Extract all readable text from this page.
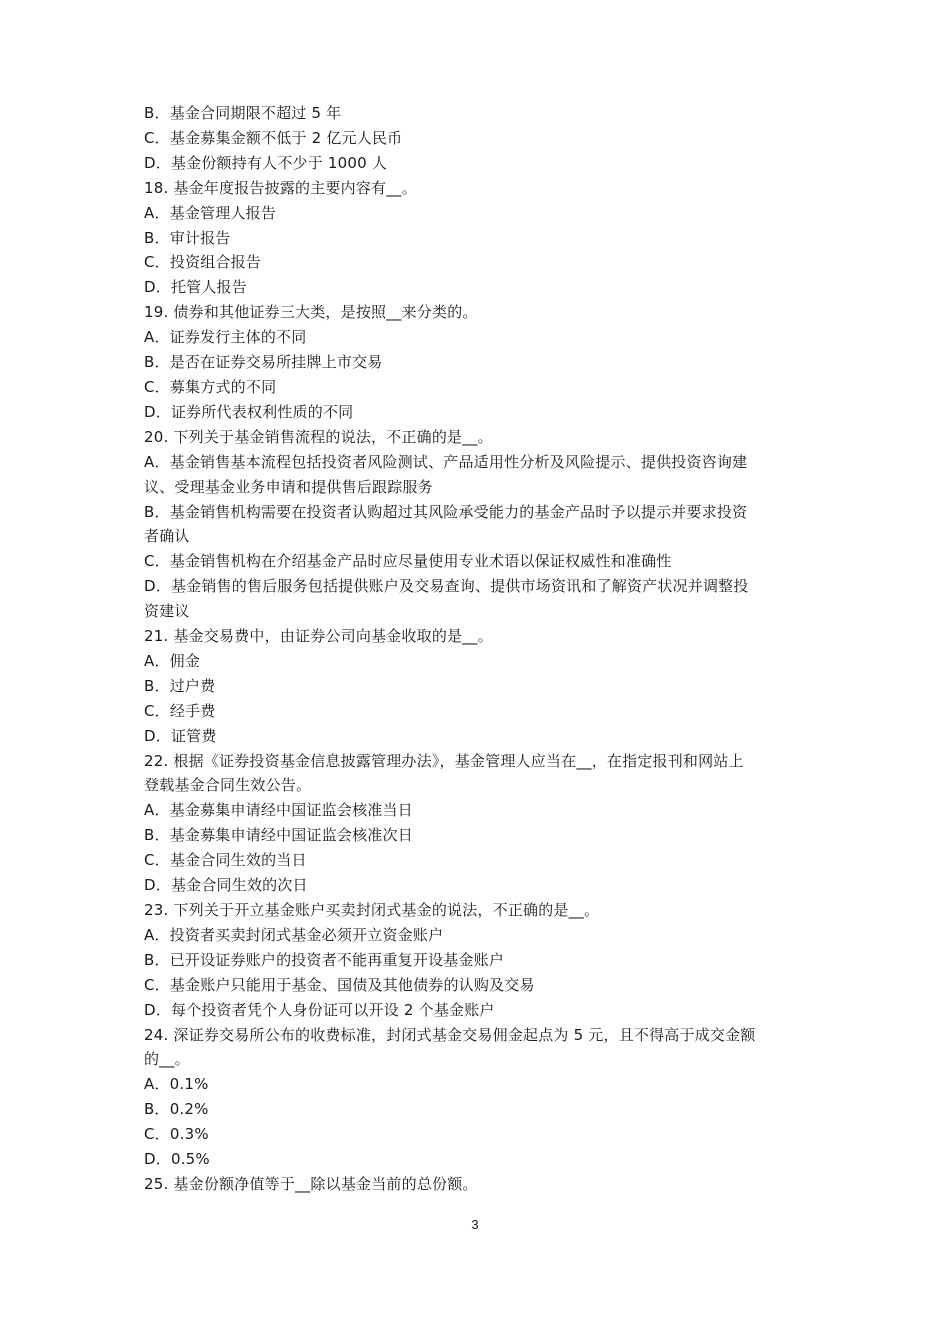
B．基金合同期限不超过 5 年
C．基金募集金额不低于 2 亿元人民币
D．基金份额持有人不少于 1000 人
18. 基金年度报告披露的主要内容有__。
A．基金管理人报告
B．审计报告
C．投资组合报告
D．托管人报告
19. 债券和其他证券三大类，是按照__来分类的。
A．证券发行主体的不同
B．是否在证券交易所挂牌上市交易
C．募集方式的不同
D．证券所代表权利性质的不同
20. 下列关于基金销售流程的说法，不正确的是__。
A．基金销售基本流程包括投资者风险测试、产品适用性分析及风险提示、提供投资咨询建
议、受理基金业务申请和提供售后跟踪服务
B．基金销售机构需要在投资者认购超过其风险承受能力的基金产品时予以提示并要求投资
者确认
C．基金销售机构在介绍基金产品时应尽量使用专业术语以保证权威性和准确性
D．基金销售的售后服务包括提供账户及交易查询、提供市场资讯和了解资产状况并调整投
资建议
21. 基金交易费中，由证券公司向基金收取的是__。
A．佣金
B．过户费
C．经手费
D．证管费
22. 根据《证券投资基金信息披露管理办法》，基金管理人应当在__，在指定报刊和网站上
登载基金合同生效公告。
A．基金募集申请经中国证监会核准当日
B．基金募集申请经中国证监会核准次日
C．基金合同生效的当日
D．基金合同生效的次日
23. 下列关于开立基金账户买卖封闭式基金的说法，不正确的是__。
A．投资者买卖封闭式基金必须开立资金账户
B．已开设证券账户的投资者不能再重复开设基金账户
C．基金账户只能用于基金、国债及其他债券的认购及交易
D．每个投资者凭个人身份证可以开设 2 个基金账户
24. 深证券交易所公布的收费标准，封闭式基金交易佣金起点为 5 元，且不得高于成交金额
的__。
A．0.1%
B．0.2%
C．0.3%
D．0.5%
25. 基金份额净值等于__除以基金当前的总份额。
3
